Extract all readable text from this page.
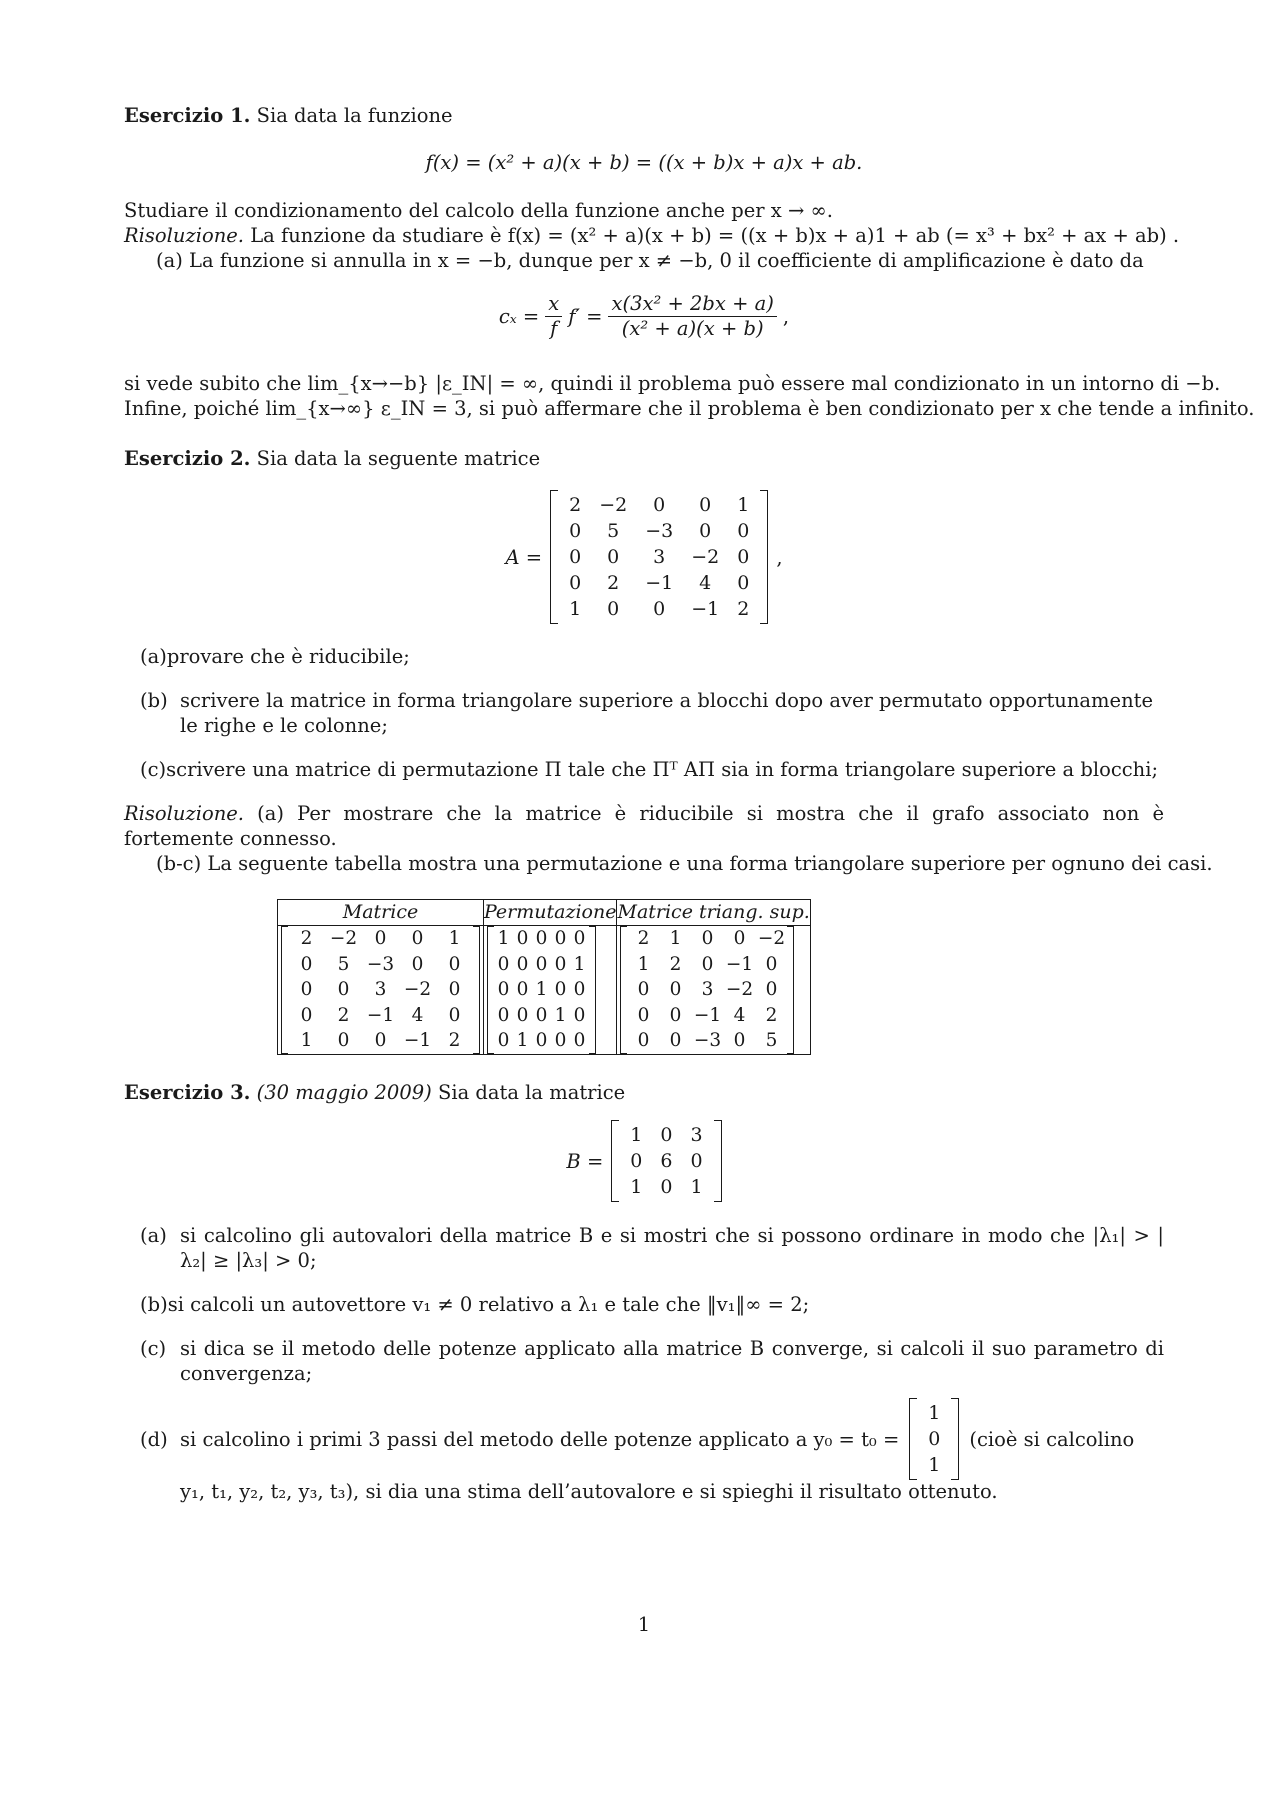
Esercizio 1. Sia data la funzione
f(x) = (x² + a)(x + b) = ((x + b)x + a)x + ab.
Studiare il condizionamento del calcolo della funzione anche per x → ∞.
Risoluzione. La funzione da studiare è f(x) = (x² + a)(x + b) = ((x + b)x + a)1 + ab (= x³ + bx² + ax + ab) .
(a) La funzione si annulla in x = −b, dunque per x ≠ −b, 0 il coefficiente di amplificazione è dato da
$c_x = \frac{x}{f} f' = \frac{\text{x(3x² + 2bx + a)}}{\text{(x² + a)(x + b)}}$ ,
si vede subito che lim_{x→−b} |ε_IN| = ∞, quindi il problema può essere mal condizionato in un intorno di −b.
Infine, poiché lim_{x→∞} ε_IN = 3, si può affermare che il problema è ben condizionato per x che tende a infinito.
Esercizio 2. Sia data la seguente matrice
A =
2	−2	0	0	1
0	5	−3	0	0
0	0	3	−2	0
0	2	−1	4	0
1	0	0	−1	2
,
(a)provare che è riducibile;
(b) scrivere la matrice in forma triangolare superiore a blocchi dopo aver permutato opportunamente le righe e le colonne;
(c)scrivere una matrice di permutazione Π tale che Πᵀ AΠ sia in forma triangolare superiore a blocchi;
Risoluzione. (a) Per mostrare che la matrice è riducibile si mostra che il grafo associato non è fortemente connesso.
(b-c) La seguente tabella mostra una permutazione e una forma triangolare superiore per ognuno dei casi.
Matrice	Permutazione	Matrice triang. sup.

2	−2	0	0	1
0	5	−3	0	0
0	0	3	−2	0
0	2	−1	4	0
1	0	0	−1	2

1	0	0	0	0
0	0	0	0	1
0	0	1	0	0
0	0	0	1	0
0	1	0	0	0

2	1	0	0	−2
1	2	0	−1	0
0	0	3	−2	0
0	0	−1	4	2
0	0	−3	0	5
Esercizio 3. (30 maggio 2009) Sia data la matrice
B =
1	0	3
0	6	0
1	0	1
(a) si calcolino gli autovalori della matrice B e si mostri che si possono ordinare in modo che |λ₁| > |λ₂| ≥ |λ₃| > 0;
(b)si calcoli un autovettore v₁ ≠ 0 relativo a λ₁ e tale che ‖v₁‖∞ = 2;
(c) si dica se il metodo delle potenze applicato alla matrice B converge, si calcoli il suo parametro di convergenza;
(d) si calcolino i primi 3 passi del metodo delle potenze applicato a y₀ = t₀ =
1
0
1
(cioè si calcolino
y₁, t₁, y₂, t₂, y₃, t₃), si dia una stima dell’autovalore e si spieghi il risultato ottenuto.
1
